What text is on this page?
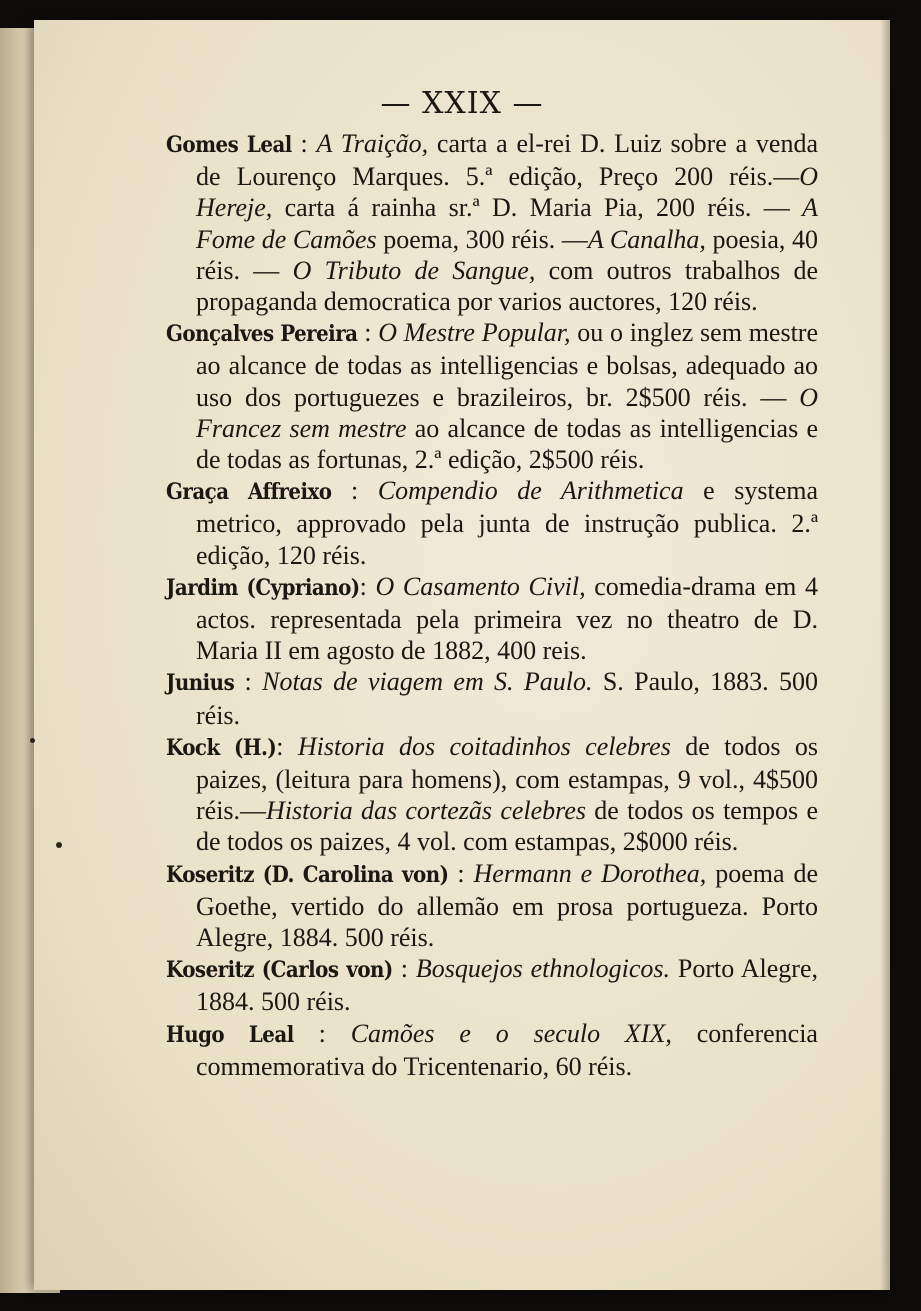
— XXIX —

Gomes Leal : A Traição, carta a el-rei D. Luiz sobre a venda de Lourenço Marques. 5.ª edição, Preço 200 réis.—O Hereje, carta á rainha sr.ª D. Maria Pia, 200 réis. — A Fome de Camões poema, 300 réis. —A Canalha, poesia, 40 réis. — O Tributo de Sangue, com outros trabalhos de propaganda democratica por varios auctores, 120 réis.

Gonçalves Pereira : O Mestre Popular, ou o inglez sem mestre ao alcance de todas as intelligencias e bolsas, adequado ao uso dos portuguezes e brazileiros, br. 2$500 réis. — O Francez sem mestre ao alcance de todas as intelligencias e de todas as fortunas, 2.ª edição, 2$500 réis.

Graça Affreixo : Compendio de Arithmetica e systema metrico, approvado pela junta de instrução publica. 2.ª edição, 120 réis.

Jardim (Cypriano): O Casamento Civil, comedia-drama em 4 actos. representada pela primeira vez no theatro de D. Maria II em agosto de 1882, 400 reis.

Junius : Notas de viagem em S. Paulo. S. Paulo, 1883. 500 réis.

Kock (H.): Historia dos coitadinhos celebres de todos os paizes, (leitura para homens), com estampas, 9 vol., 4$500 réis.—Historia das cortezãs celebres de todos os tempos e de todos os paizes, 4 vol. com estampas, 2$000 réis.

Koseritz (D. Carolina von) : Hermann e Dorothea, poema de Goethe, vertido do allemão em prosa portugueza. Porto Alegre, 1884. 500 réis.

Koseritz (Carlos von) : Bosquejos ethnologicos. Porto Alegre, 1884. 500 réis.

Hugo Leal : Camões e o seculo XIX, conferencia commemorativa do Tricentenario, 60 réis.
